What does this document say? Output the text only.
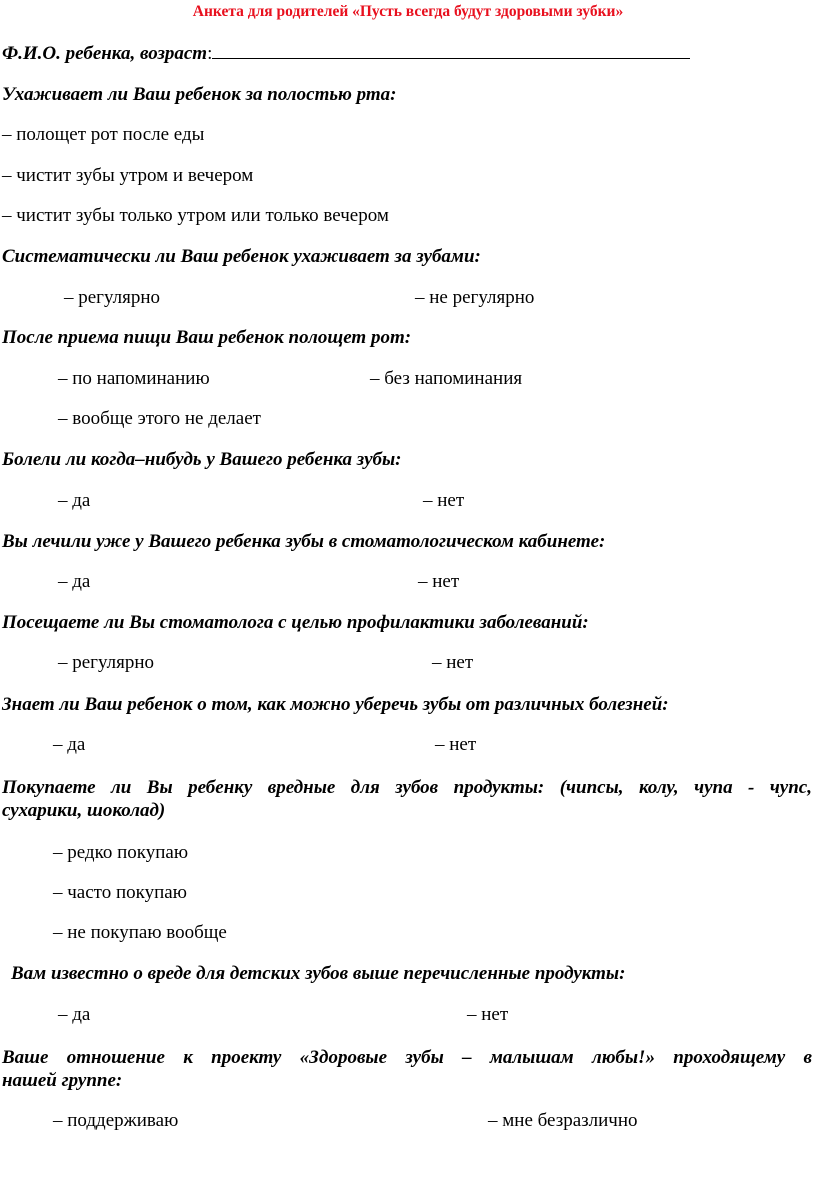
Анкета для родителей «Пусть всегда будут здоровыми зубки»
Ф.И.О. ребенка, возраст:
Ухаживает ли Ваш ребенок за полостью рта:
– полощет рот после еды
– чистит зубы утром и вечером
– чистит зубы только утром или только вечером
Систематически ли Ваш ребенок ухаживает за зубами:
– регулярно	– не регулярно
После приема пищи Ваш ребенок полощет рот:
– по напоминанию	– без напоминания
– вообще этого не делает
Болели ли когда–нибудь у Вашего ребенка зубы:
– да	– нет
Вы лечили уже у Вашего ребенка зубы в стоматологическом кабинете:
– да	– нет
Посещаете ли Вы стоматолога с целью профилактики заболеваний:
– регулярно	– нет
Знает ли Ваш ребенок о том, как можно уберечь зубы от различных болезней:
– да	– нет
Покупаете ли Вы ребенку вредные для зубов продукты: (чипсы, колу, чупа - чупс,
сухарики, шоколад)
– редко покупаю
– часто покупаю
– не покупаю вообще
Вам известно о вреде для детских зубов выше перечисленные продукты:
– да	– нет
Ваше отношение к проекту «Здоровые зубы – малышам любы!» проходящему в
нашей группе:
– поддерживаю	– мне безразлично
